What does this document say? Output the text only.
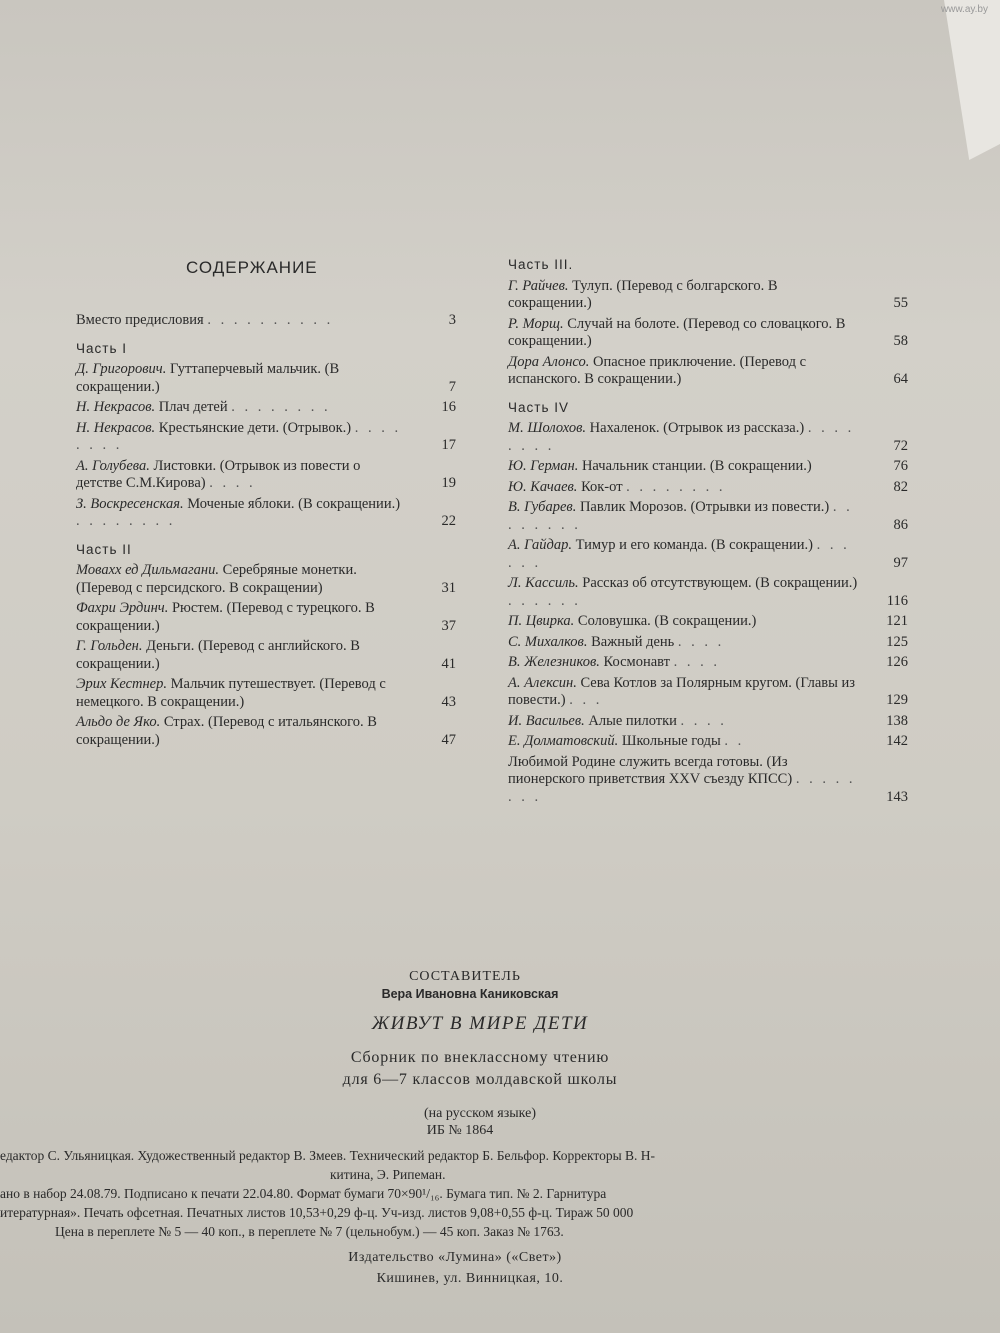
www.ay.by
СОДЕРЖАНИЕ
Вместо предисловия . . . . . . . . . .	3
Часть I
Д. Григорович. Гуттаперчевый мальчик. (В сокращении.)	7
Н. Некрасов. Плач детей . . . . . . . .	16
Н. Некрасов. Крестьянские дети. (Отрывок.) . . . . . . . .	17
А. Голубева. Листовки. (Отрывок из повести о детстве С.М.Кирова) . . . .	19
З. Воскресенская. Моченые яблоки. (В сокращении.) . . . . . . . .	22
Часть II
Мовахх ед Дильмагани. Серебряные монетки. (Перевод с персидского. В сокращении)	31
Фахри Эрдинч. Рюстем. (Перевод с турецкого. В сокращении.)	37
Г. Гольден. Деньги. (Перевод с английского. В сокращении.)	41
Эрих Кестнер. Мальчик путешествует. (Перевод с немецкого. В сокращении.)	43
Альдо де Яко. Страх. (Перевод с итальянского. В сокращении.)	47
Часть III.
Г. Райчев. Тулуп. (Перевод с болгарского. В сокращении.)	55
Р. Морщ. Случай на болоте. (Перевод со словацкого. В сокращении.)	58
Дора Алонсо. Опасное приключение. (Перевод с испанского. В сокращении.)	64
Часть IV
М. Шолохов. Нахаленок. (Отрывок из рассказа.) . . . . . . . .	72
Ю. Герман. Начальник станции. (В сокращении.)	76
Ю. Качаев. Кок-от . . . . . . . .	82
В. Губарев. Павлик Морозов. (Отрывки из повести.) . . . . . . . .	86
А. Гайдар. Тимур и его команда. (В сокращении.) . . . . . .	97
Л. Кассиль. Рассказ об отсутствующем. (В сокращении.) . . . . . .	116
П. Цвирка. Соловушка. (В сокращении.)	121
С. Михалков. Важный день . . . .	125
В. Железников. Космонавт . . . .	126
А. Алексин. Сева Котлов за Полярным кругом. (Главы из повести.) . . .	129
И. Васильев. Алые пилотки . . . .	138
Е. Долматовский. Школьные годы . .	142
Любимой Родине служить всегда готовы. (Из пионерского приветствия XXV съезду КПСС) . . . . . . . .	143
СОСТАВИТЕЛЬ
Вера Ивановна Каниковская
ЖИВУТ В МИРЕ ДЕТИ
Сборник по внеклассному чтению
для 6—7 классов молдавской школы
(на русском языке)
ИБ № 1864
едактор С. Ульяницкая. Художественный редактор В. Змеев. Технический редактор Б. Бельфор. Корректоры В. Н-
китина, Э. Рипеман.
ано в набор 24.08.79. Подписано к печати 22.04.80. Формат бумаги 70×90¹/₁₆. Бумага тип. № 2. Гарнитура
итературная». Печать офсетная. Печатных листов 10,53+0,29 ф-ц. Уч-изд. листов 9,08+0,55 ф-ц. Тираж 50 000
Цена в переплете № 5 — 40 коп., в переплете № 7 (цельнобум.) — 45 коп. Заказ № 1763.
Издательство «Лумина» («Свет»)
Кишинев, ул. Винницкая, 10.
